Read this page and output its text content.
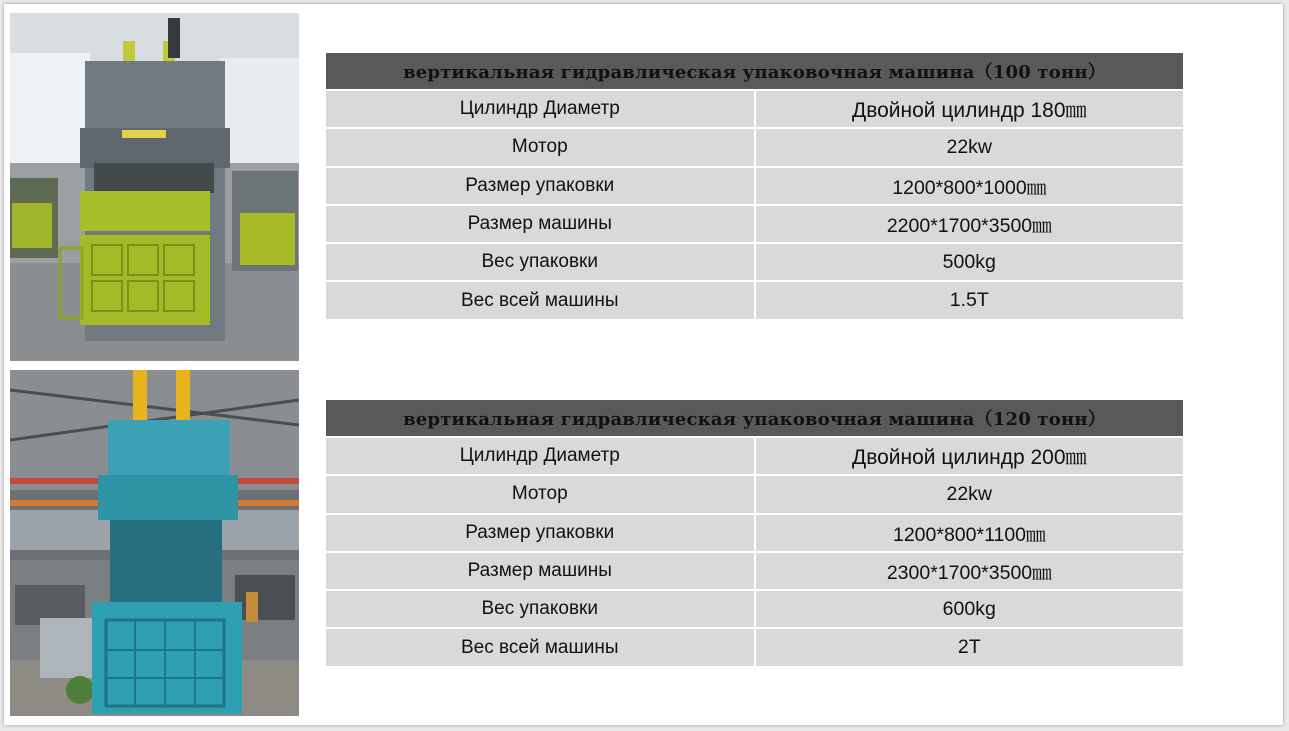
вертикальная гидравлическая упаковочная машина（100 тонн）	
Цилиндр Диаметр	Двойной цилиндр 180㎜
Мотор	22kw
Размер упаковки	1200*800*1000㎜
Размер машины	2200*1700*3500㎜
Вес упаковки	500kg
Вес всей машины	1.5T
вертикальная гидравлическая упаковочная машина（120 тонн）	
Цилиндр Диаметр	Двойной цилиндр 200㎜
Мотор	22kw
Размер упаковки	1200*800*1100㎜
Размер машины	2300*1700*3500㎜
Вес упаковки	600kg
Вес всей машины	2T
